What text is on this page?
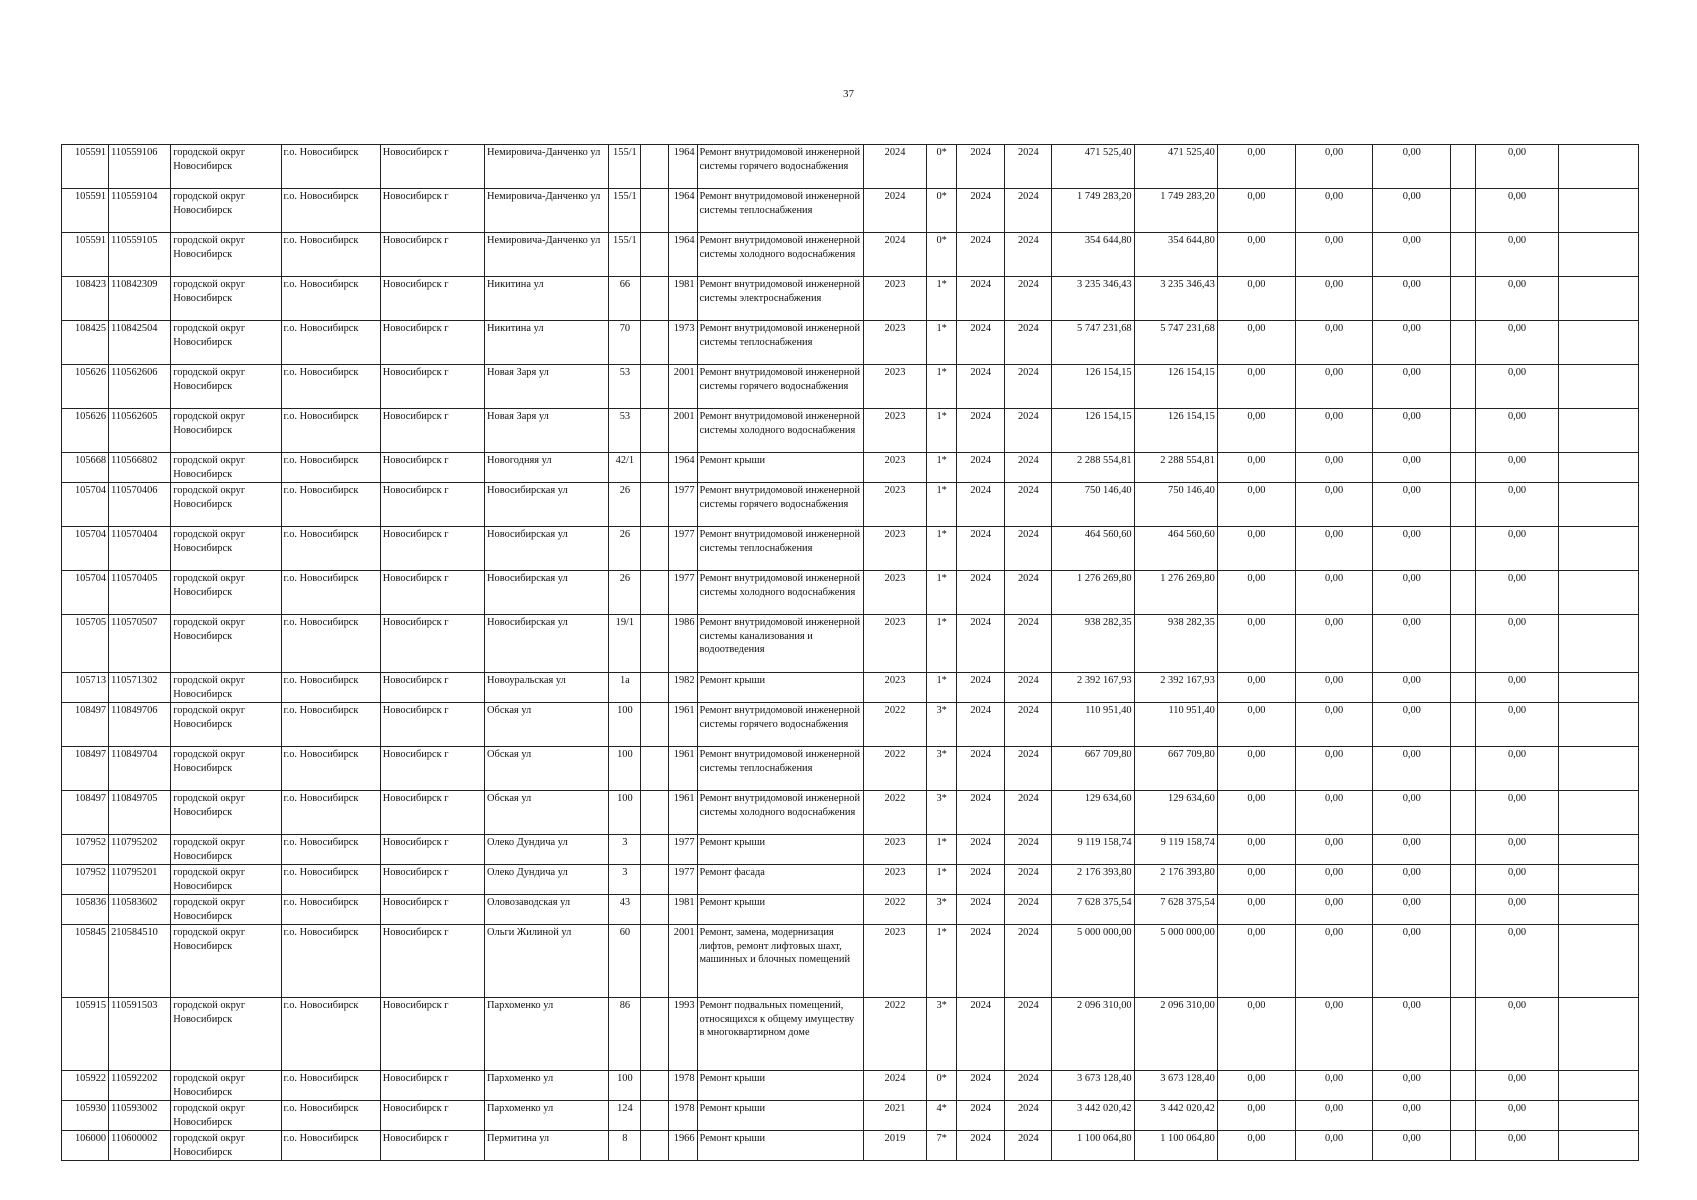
37
105591	110559106	городской округ Новосибирск	г.о. Новосибирск	Новосибирск г	Немировича-Данченко ул	155/1		1964	Ремонт внутридомовой инженерной системы горячего водоснабжения	2024	0*	2024	2024	471 525,40	471 525,40	0,00	0,00	0,00		0,00	
105591	110559104	городской округ Новосибирск	г.о. Новосибирск	Новосибирск г	Немировича-Данченко ул	155/1		1964	Ремонт внутридомовой инженерной системы теплоснабжения	2024	0*	2024	2024	1 749 283,20	1 749 283,20	0,00	0,00	0,00		0,00	
105591	110559105	городской округ Новосибирск	г.о. Новосибирск	Новосибирск г	Немировича-Данченко ул	155/1		1964	Ремонт внутридомовой инженерной системы холодного водоснабжения	2024	0*	2024	2024	354 644,80	354 644,80	0,00	0,00	0,00		0,00	
108423	110842309	городской округ Новосибирск	г.о. Новосибирск	Новосибирск г	Никитина ул	66		1981	Ремонт внутридомовой инженерной системы электроснабжения	2023	1*	2024	2024	3 235 346,43	3 235 346,43	0,00	0,00	0,00		0,00	
108425	110842504	городской округ Новосибирск	г.о. Новосибирск	Новосибирск г	Никитина ул	70		1973	Ремонт внутридомовой инженерной системы теплоснабжения	2023	1*	2024	2024	5 747 231,68	5 747 231,68	0,00	0,00	0,00		0,00	
105626	110562606	городской округ Новосибирск	г.о. Новосибирск	Новосибирск г	Новая Заря ул	53		2001	Ремонт внутридомовой инженерной системы горячего водоснабжения	2023	1*	2024	2024	126 154,15	126 154,15	0,00	0,00	0,00		0,00	
105626	110562605	городской округ Новосибирск	г.о. Новосибирск	Новосибирск г	Новая Заря ул	53		2001	Ремонт внутридомовой инженерной системы холодного водоснабжения	2023	1*	2024	2024	126 154,15	126 154,15	0,00	0,00	0,00		0,00	
105668	110566802	городской округ Новосибирск	г.о. Новосибирск	Новосибирск г	Новогодняя ул	42/1		1964	Ремонт крыши	2023	1*	2024	2024	2 288 554,81	2 288 554,81	0,00	0,00	0,00		0,00	
105704	110570406	городской округ Новосибирск	г.о. Новосибирск	Новосибирск г	Новосибирская ул	26		1977	Ремонт внутридомовой инженерной системы горячего водоснабжения	2023	1*	2024	2024	750 146,40	750 146,40	0,00	0,00	0,00		0,00	
105704	110570404	городской округ Новосибирск	г.о. Новосибирск	Новосибирск г	Новосибирская ул	26		1977	Ремонт внутридомовой инженерной системы теплоснабжения	2023	1*	2024	2024	464 560,60	464 560,60	0,00	0,00	0,00		0,00	
105704	110570405	городской округ Новосибирск	г.о. Новосибирск	Новосибирск г	Новосибирская ул	26		1977	Ремонт внутридомовой инженерной системы холодного водоснабжения	2023	1*	2024	2024	1 276 269,80	1 276 269,80	0,00	0,00	0,00		0,00	
105705	110570507	городской округ Новосибирск	г.о. Новосибирск	Новосибирск г	Новосибирская ул	19/1		1986	Ремонт внутридомовой инженерной системы канализования и водоотведения	2023	1*	2024	2024	938 282,35	938 282,35	0,00	0,00	0,00		0,00	
105713	110571302	городской округ Новосибирск	г.о. Новосибирск	Новосибирск г	Новоуральская ул	1а		1982	Ремонт крыши	2023	1*	2024	2024	2 392 167,93	2 392 167,93	0,00	0,00	0,00		0,00	
108497	110849706	городской округ Новосибирск	г.о. Новосибирск	Новосибирск г	Обская ул	100		1961	Ремонт внутридомовой инженерной системы горячего водоснабжения	2022	3*	2024	2024	110 951,40	110 951,40	0,00	0,00	0,00		0,00	
108497	110849704	городской округ Новосибирск	г.о. Новосибирск	Новосибирск г	Обская ул	100		1961	Ремонт внутридомовой инженерной системы теплоснабжения	2022	3*	2024	2024	667 709,80	667 709,80	0,00	0,00	0,00		0,00	
108497	110849705	городской округ Новосибирск	г.о. Новосибирск	Новосибирск г	Обская ул	100		1961	Ремонт внутридомовой инженерной системы холодного водоснабжения	2022	3*	2024	2024	129 634,60	129 634,60	0,00	0,00	0,00		0,00	
107952	110795202	городской округ Новосибирск	г.о. Новосибирск	Новосибирск г	Олеко Дундича ул	3		1977	Ремонт крыши	2023	1*	2024	2024	9 119 158,74	9 119 158,74	0,00	0,00	0,00		0,00	
107952	110795201	городской округ Новосибирск	г.о. Новосибирск	Новосибирск г	Олеко Дундича ул	3		1977	Ремонт фасада	2023	1*	2024	2024	2 176 393,80	2 176 393,80	0,00	0,00	0,00		0,00	
105836	110583602	городской округ Новосибирск	г.о. Новосибирск	Новосибирск г	Оловозаводская ул	43		1981	Ремонт крыши	2022	3*	2024	2024	7 628 375,54	7 628 375,54	0,00	0,00	0,00		0,00	
105845	210584510	городской округ Новосибирск	г.о. Новосибирск	Новосибирск г	Ольги Жилиной ул	60		2001	Ремонт, замена, модернизация лифтов, ремонт лифтовых шахт, машинных и блочных помещений	2023	1*	2024	2024	5 000 000,00	5 000 000,00	0,00	0,00	0,00		0,00	
105915	110591503	городской округ Новосибирск	г.о. Новосибирск	Новосибирск г	Пархоменко ул	86		1993	Ремонт подвальных помещений, относящихся к общему имуществу в многоквартирном доме	2022	3*	2024	2024	2 096 310,00	2 096 310,00	0,00	0,00	0,00		0,00	
105922	110592202	городской округ Новосибирск	г.о. Новосибирск	Новосибирск г	Пархоменко ул	100		1978	Ремонт крыши	2024	0*	2024	2024	3 673 128,40	3 673 128,40	0,00	0,00	0,00		0,00	
105930	110593002	городской округ Новосибирск	г.о. Новосибирск	Новосибирск г	Пархоменко ул	124		1978	Ремонт крыши	2021	4*	2024	2024	3 442 020,42	3 442 020,42	0,00	0,00	0,00		0,00	
106000	110600002	городской округ Новосибирск	г.о. Новосибирск	Новосибирск г	Пермитина ул	8		1966	Ремонт крыши	2019	7*	2024	2024	1 100 064,80	1 100 064,80	0,00	0,00	0,00		0,00	
